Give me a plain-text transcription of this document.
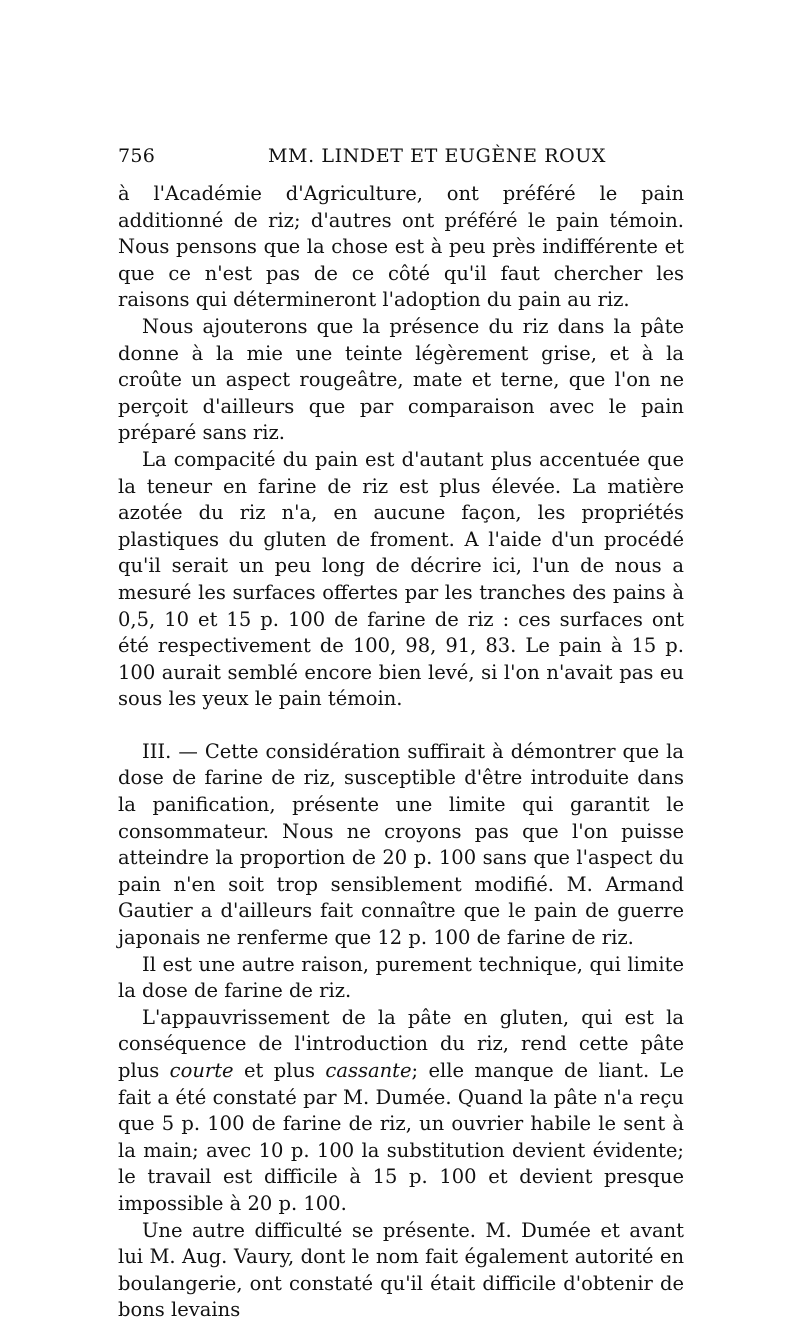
756	MM. LINDET ET EUGÈNE ROUX

à l'Académie d'Agriculture, ont préféré le pain additionné de riz; d'autres ont préféré le pain témoin. Nous pensons que la chose est à peu près indifférente et que ce n'est pas de ce côté qu'il faut chercher les raisons qui détermineront l'adoption du pain au riz.

Nous ajouterons que la présence du riz dans la pâte donne à la mie une teinte légèrement grise, et à la croûte un aspect rougeâtre, mate et terne, que l'on ne perçoit d'ailleurs que par comparaison avec le pain préparé sans riz.

La compacité du pain est d'autant plus accentuée que la teneur en farine de riz est plus élevée. La matière azotée du riz n'a, en aucune façon, les propriétés plastiques du gluten de froment. A l'aide d'un procédé qu'il serait un peu long de décrire ici, l'un de nous a mesuré les surfaces offertes par les tranches des pains à 0,5, 10 et 15 p. 100 de farine de riz : ces surfaces ont été respectivement de 100, 98, 91, 83. Le pain à 15 p. 100 aurait semblé encore bien levé, si l'on n'avait pas eu sous les yeux le pain témoin.

III. — Cette considération suffirait à démontrer que la dose de farine de riz, susceptible d'être introduite dans la panification, présente une limite qui garantit le consommateur. Nous ne croyons pas que l'on puisse atteindre la proportion de 20 p. 100 sans que l'aspect du pain n'en soit trop sensiblement modifié. M. Armand Gautier a d'ailleurs fait connaître que le pain de guerre japonais ne renferme que 12 p. 100 de farine de riz.

Il est une autre raison, purement technique, qui limite la dose de farine de riz.

L'appauvrissement de la pâte en gluten, qui est la conséquence de l'introduction du riz, rend cette pâte plus courte et plus cassante; elle manque de liant. Le fait a été constaté par M. Dumée. Quand la pâte n'a reçu que 5 p. 100 de farine de riz, un ouvrier habile le sent à la main; avec 10 p. 100 la substitution devient évidente; le travail est difficile à 15 p. 100 et devient presque impossible à 20 p. 100.

Une autre difficulté se présente. M. Dumée et avant lui M. Aug. Vaury, dont le nom fait également autorité en boulangerie, ont constaté qu'il était difficile d'obtenir de bons levains
